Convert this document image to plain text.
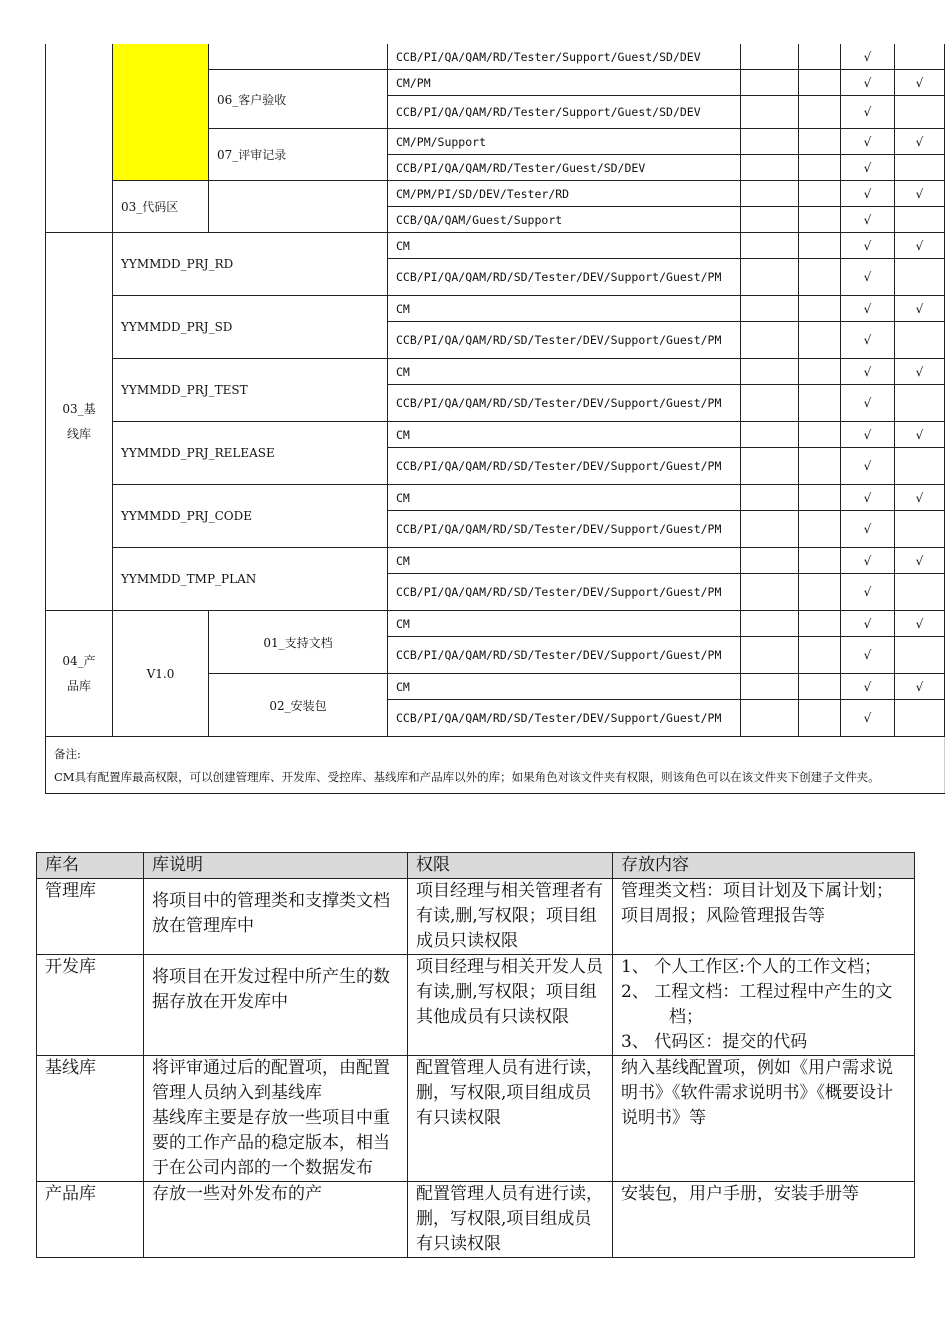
			CCB/PI/QA/QAM/RD/Tester/Support/Guest/SD/DEV			√	
		06_客户验收	CM/PM			√	√
			CCB/PI/QA/QAM/RD/Tester/Support/Guest/SD/DEV			√	
		07_评审记录	CM/PM/Support			√	√
			CCB/PI/QA/QAM/RD/Tester/Guest/SD/DEV			√	
	03_代码区		CM/PM/PI/SD/DEV/Tester/RD			√	√
			CCB/QA/QAM/Guest/Support			√	
03_基
线库	YYMMDD_PRJ_RD		CM			√	√
			CCB/PI/QA/QAM/RD/SD/Tester/DEV/Support/Guest/PM			√	
	YYMMDD_PRJ_SD		CM			√	√
			CCB/PI/QA/QAM/RD/SD/Tester/DEV/Support/Guest/PM			√	
	YYMMDD_PRJ_TEST		CM			√	√
			CCB/PI/QA/QAM/RD/SD/Tester/DEV/Support/Guest/PM			√	
	YYMMDD_PRJ_RELEASE		CM			√	√
			CCB/PI/QA/QAM/RD/SD/Tester/DEV/Support/Guest/PM			√	
	YYMMDD_PRJ_CODE		CM			√	√
			CCB/PI/QA/QAM/RD/SD/Tester/DEV/Support/Guest/PM			√	
	YYMMDD_TMP_PLAN		CM			√	√
			CCB/PI/QA/QAM/RD/SD/Tester/DEV/Support/Guest/PM			√	
04_产
品库	V1.0	01_支持文档	CM			√	√
			CCB/PI/QA/QAM/RD/SD/Tester/DEV/Support/Guest/PM			√	
		02_安装包	CM			√	√
			CCB/PI/QA/QAM/RD/SD/Tester/DEV/Support/Guest/PM			√	

备注:
CM具有配置库最高权限，可以创建管理库、开发库、受控库、基线库和产品库以外的库；如果角色对该文件夹有权限，则该角色可以在该文件夹下创建子文件夹。							
库名	库说明	权限	存放内容
管理库	将项目中的管理类和支撑类文档放在管理库中	项目经理与相关管理者有有读,删,写权限；项目组成员只读权限	管理类文档：项目计划及下属计划；项目周报；风险管理报告等
开发库	将项目在开发过程中所产生的数据存放在开发库中	项目经理与相关开发人员有读,删,写权限；项目组其他成员有只读权限	1、 个人工作区:个人的工作文档；
2、 工程文档：工程过程中产生的文档；
3、 代码区：提交的代码

基线库	将评审通过后的配置项，由配置管理人员纳入到基线库
基线库主要是存放一些项目中重要的工作产品的稳定版本，相当于在公司内部的一个数据发布	配置管理人员有进行读，删，写权限,项目组成员有只读权限	纳入基线配置项，例如《用户需求说明书》《软件需求说明书》《概要设计说明书》等
产品库	存放一些对外发布的产	配置管理人员有进行读，删，写权限,项目组成员有只读权限	安装包，用户手册，安装手册等
